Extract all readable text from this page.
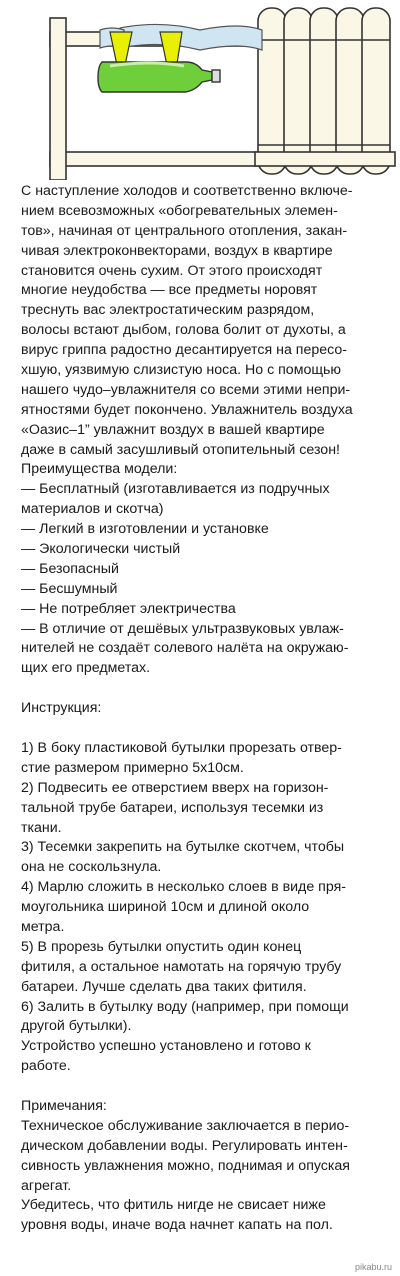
С наступление холодов и соответственно включе-
нием всевозможных «обогревательных элемен-
тов», начиная от центрального отопления, закан-
чивая электроконвекторами, воздух в квартире
становится очень сухим. От этого происходят
многие неудобства — все предметы норовят
треснуть вас электростатическим разрядом,
волосы встают дыбом, голова болит от духоты, а
вирус гриппа радостно десантируется на пересо-
хшую, уязвимую слизистую носа. Но с помощью
нашего чудо–увлажнителя со всеми этими непри-
ятностями будет покончено. Увлажнитель воздуха
«Оазис–1” увлажнит воздух в вашей квартире
даже в самый засушливый отопительный сезон!
Преимущества модели:
— Бесплатный (изготавливается из подручных
материалов и скотча)
— Легкий в изготовлении и установке
— Экологически чистый
— Безопасный
— Бесшумный
— Не потребляет электричества
— В отличие от дешёвых ультразвуковых увлаж-
нителей не создаёт солевого налёта на окружаю-
щих его предметах.
Инструкция:
1) В боку пластиковой бутылки прорезать отвер-
стие размером примерно 5x10см.
2) Подвесить ее отверстием вверх на горизон-
тальной трубе батареи, используя тесемки из
ткани.
3) Тесемки закрепить на бутылке скотчем, чтобы
она не соскользнула.
4) Марлю сложить в несколько слоев в виде пря-
моугольника шириной 10см и длиной около
метра.
5) В прорезь бутылки опустить один конец
фитиля, а остальное намотать на горячую трубу
батареи. Лучше сделать два таких фитиля.
6) Залить в бутылку воду (например, при помощи
другой бутылки).
Устройство успешно установлено и готово к
работе.
Примечания:
Техническое обслуживание заключается в перио-
дическом добавлении воды. Регулировать интен-
сивность увлажнения можно, поднимая и опуская
агрегат.
Убедитесь, что фитиль нигде не свисает ниже
уровня воды, иначе вода начнет капать на пол.
pikabu.ru
